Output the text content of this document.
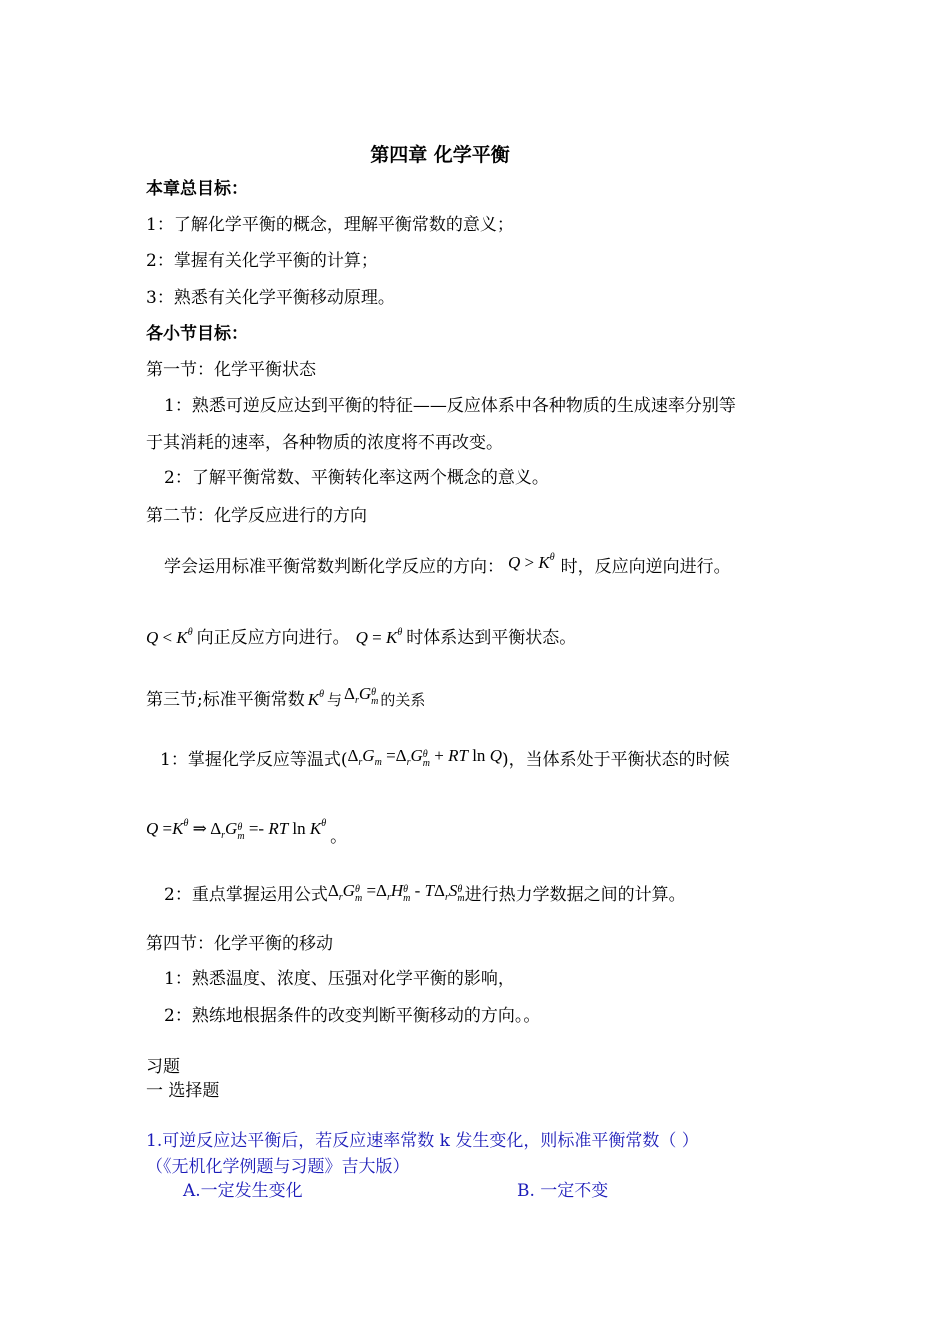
第四章 化学平衡
本章总目标：
1：了解化学平衡的概念，理解平衡常数的意义；
2：掌握有关化学平衡的计算；
3：熟悉有关化学平衡移动原理。
各小节目标：
第一节：化学平衡状态
1：熟悉可逆反应达到平衡的特征——反应体系中各种物质的生成速率分别等
于其消耗的速率，各种物质的浓度将不再改变。
2：了解平衡常数、平衡转化率这两个概念的意义。
第二节：化学反应进行的方向
学会运用标准平衡常数判断化学反应的方向： $Q > K^\theta$ 时，反应向逆向进行。
$Q < K^\theta$ 向正反应方向进行。 $Q = K^\theta$ 时体系达到平衡状态。
第三节;标准平衡常数 $K^\theta$ 与 $\Delta_rG$ θ
m 的关系
1：掌握化学反应等温式($\Delta_rG_m =\Delta_rG$ θ
m + RT ln Q)，当体系处于平衡状态的时候
$Q =K^\theta$ ⇒ $\Delta_rG$ θ
m =- RT $\ln K^\theta$。
2：重点掌握运用公式$\Delta_rG$ θ
$m =\Delta_rH$ θ
m - $T\Delta_rS$ θ
m 进行热力学数据之间的计算。
第四节：化学平衡的移动
1：熟悉温度、浓度、压强对化学平衡的影响，
2：熟练地根据条件的改变判断平衡移动的方向。。
习题
一 选择题
1.可逆反应达平衡后，若反应速率常数 k 发生变化，则标准平衡常数（ ）
（《无机化学例题与习题》吉大版）
A.一定发生变化	B. 一定不变
